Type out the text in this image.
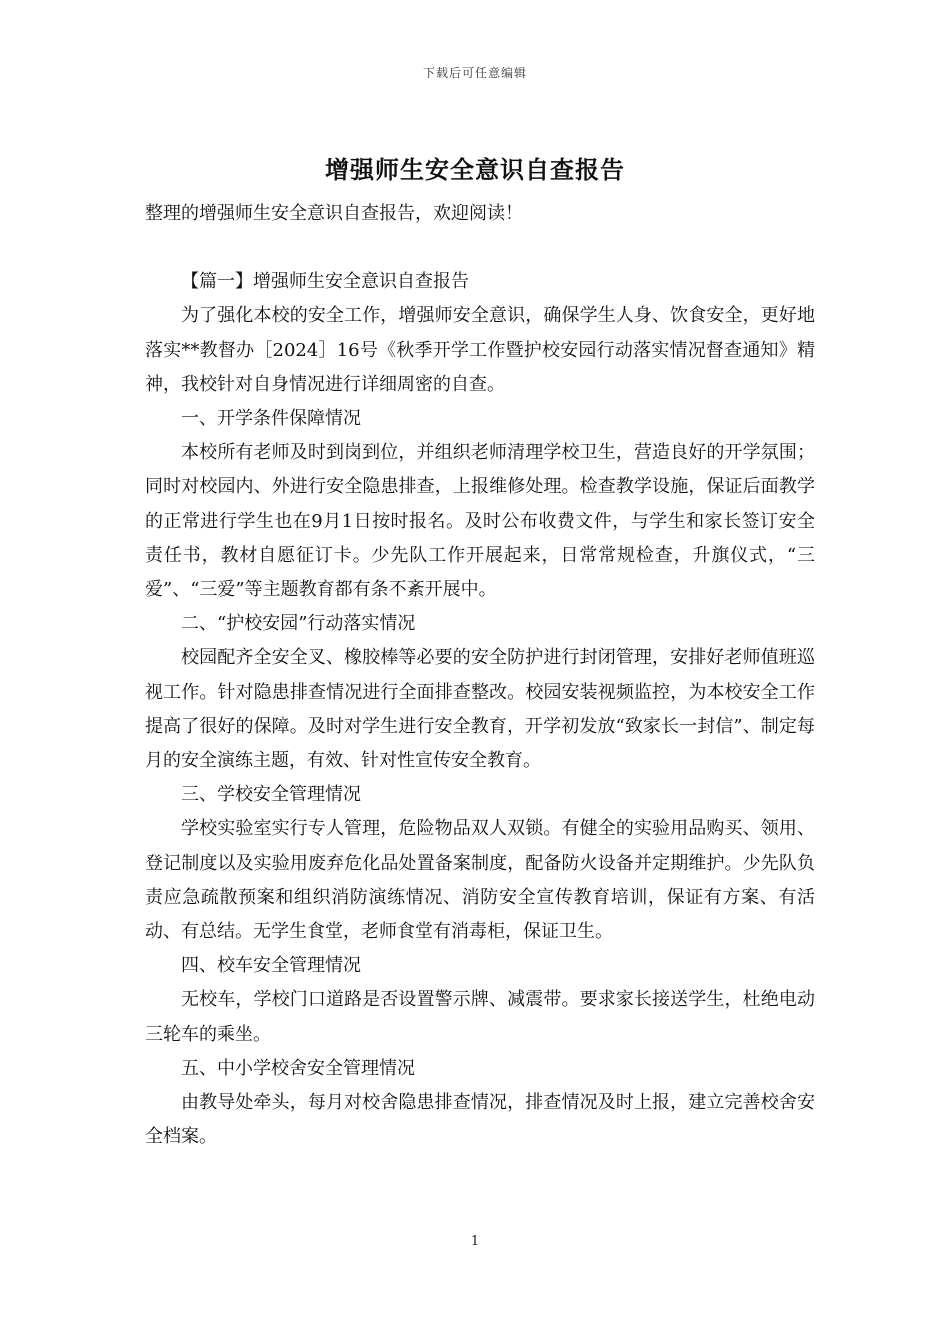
下载后可任意编辑
增强师生安全意识自查报告

整理的增强师生安全意识自查报告，欢迎阅读！

【篇一】增强师生安全意识自查报告

为了强化本校的安全工作，增强师安全意识，确保学生人身、饮食安全，更好地落实**教督办［2024］16号《秋季开学工作暨护校安园行动落实情况督查通知》精神，我校针对自身情况进行详细周密的自查。

一、开学条件保障情况

本校所有老师及时到岗到位，并组织老师清理学校卫生，营造良好的开学氛围；同时对校园内、外进行安全隐患排查，上报维修处理。检查教学设施，保证后面教学的正常进行学生也在9月1日按时报名。及时公布收费文件，与学生和家长签订安全责任书，教材自愿征订卡。少先队工作开展起来，日常常规检查，升旗仪式，“三爱”、“三爱”等主题教育都有条不紊开展中。

二、“护校安园”行动落实情况

校园配齐全安全叉、橡胶棒等必要的安全防护进行封闭管理，安排好老师值班巡视工作。针对隐患排查情况进行全面排查整改。校园安装视频监控，为本校安全工作提高了很好的保障。及时对学生进行安全教育，开学初发放“致家长一封信”、制定每月的安全演练主题，有效、针对性宣传安全教育。

三、学校安全管理情况

学校实验室实行专人管理，危险物品双人双锁。有健全的实验用品购买、领用、登记制度以及实验用废弃危化品处置备案制度，配备防火设备并定期维护。少先队负责应急疏散预案和组织消防演练情况、消防安全宣传教育培训，保证有方案、有活动、有总结。无学生食堂，老师食堂有消毒柜，保证卫生。

四、校车安全管理情况

无校车，学校门口道路是否设置警示牌、减震带。要求家长接送学生，杜绝电动三轮车的乘坐。

五、中小学校舍安全管理情况

由教导处牵头，每月对校舍隐患排查情况，排查情况及时上报，建立完善校舍安全档案。

1
